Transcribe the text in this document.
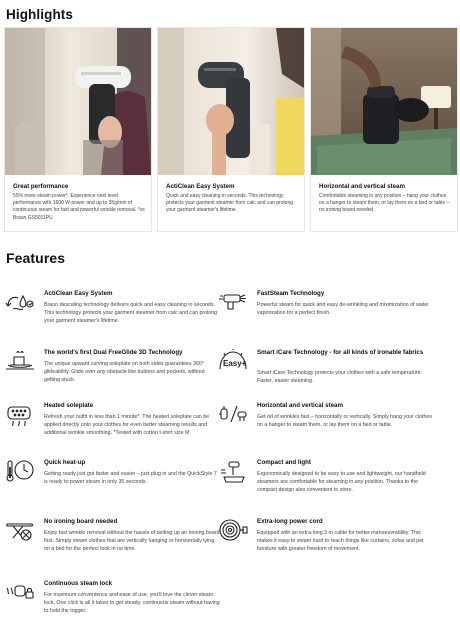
Highlights
Great performance
55% more steam power*. Experience next level performance with 1600 W power and up to 35g/min of continuous steam for fast and powerful wrinkle removal. *vs Braun GS5011PU
ActiClean Easy System
Quick and easy cleaning in seconds. This technology protects your garment steamer from calc and can prolong your garment steamer's lifetime.
Horizontal and vertical steam
Comfortable steaming in any position – hang your clothes on a hanger to steam them, or lay them on a bed or table – no ironing board needed.
Features
ActiClean Easy System
Braun descaling technology delivers quick and easy cleaning in seconds. This technology protects your garment steamer from calc and can prolong your garment steamer's lifetime.
FastSteam Technology
Powerful steam for quick and easy de-wrinkling and miximization of water vaporization for a perfect finish.
The world's first Dual FreeGlide 3D Technology
The unique upward curving soleplate on both sides guarantees 360° glideability. Glide over any obstacle like buttons and pockets, without getting stuck.
Easy+
Smart iCare Technology - for all kinds of ironable fabrics
Smart iCare Technology protects your clothes with a safe temperature. Faster, easier steaming.
Heated soleplate
Refresh your outfit in less than 1 minute*. The heated soleplate can be applied directly onto your clothes for even better steaming results and additional wrinkle smoothing. *Tested with cotton t-shirt size M
Horizontal and vertical steam
Get rid of wrinkles fast – horizontally or vertically. Simply hang your clothes on a hanger to steam them, or lay them on a bed or table.
Quick heat-up
Getting ready just got faster and easier – just plug in and the QuickStyle 7 is ready to power steam in only 35 seconds.
Compact and light
Ergonomically designed to be easy to use and lightweight, our handheld steamers are comfortable for steaming in any position. Thanks to the compact design also convenient to store.
No ironing board needed
Enjoy fast wrinkle removal without the hassle of setting up an ironing board first. Simply steam clothes that are vertically hanging or horizontally lying on a bed for the perfect look in no time.
Extra-long power cord
Equipped with an extra-long 3 m cable for better manoeuvrability. This makes it easy to steam hard to reach things like curtains, sofas and pet furniture with greater freedom of movement.
Continuous steam lock
For maximum convenience and ease of use, you'll love the clever steam lock. One click is all it takes to get steady, continuous steam without having to hold the trigger.
